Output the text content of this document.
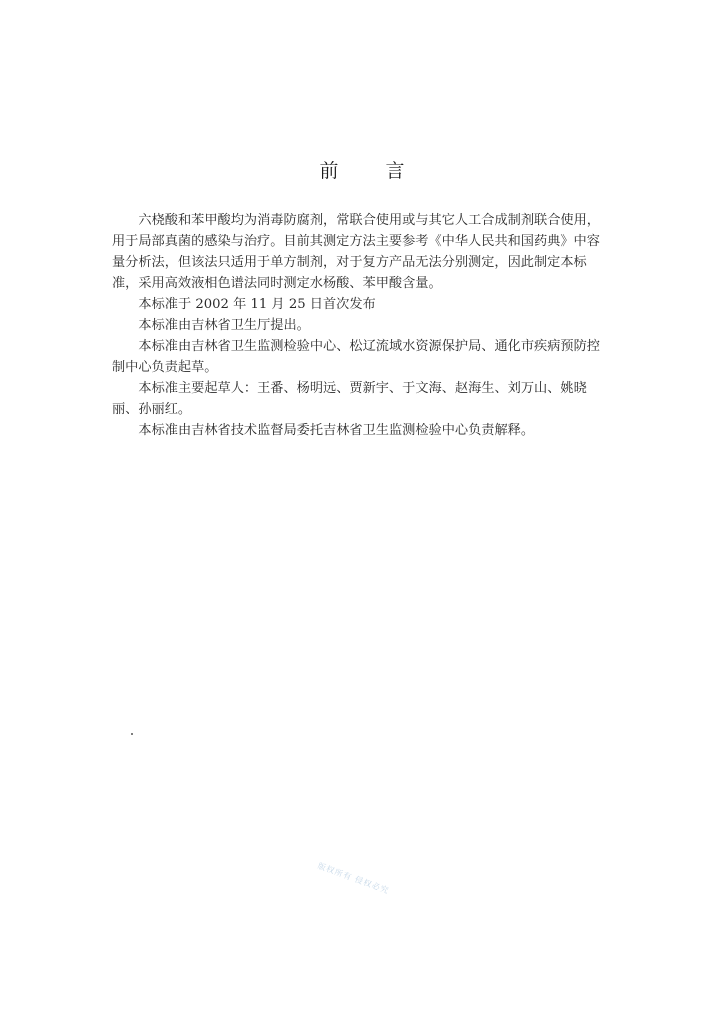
前 言

六桡酸和苯甲酸均为消毒防腐剂，常联合使用或与其它人工合成制剂联合使用，用于局部真菌的感染与治疗。目前其测定方法主要参考《中华人民共和国药典》中容量分析法，但该法只适用于单方制剂，对于复方产品无法分别测定，因此制定本标准，采用高效液相色谱法同时测定水杨酸、苯甲酸含量。

本标准于 2002 年 11 月 25 日首次发布

本标准由吉林省卫生厅提出。

本标准由吉林省卫生监测检验中心、松辽流域水资源保护局、通化市疾病预防控制中心负责起草。

本标准主要起草人：王番、杨明远、贾新宇、于文海、赵海生、刘万山、姚晓丽、孙丽红。

本标准由吉林省技术监督局委托吉林省卫生监测检验中心负责解释。

版权所有 侵权必究
